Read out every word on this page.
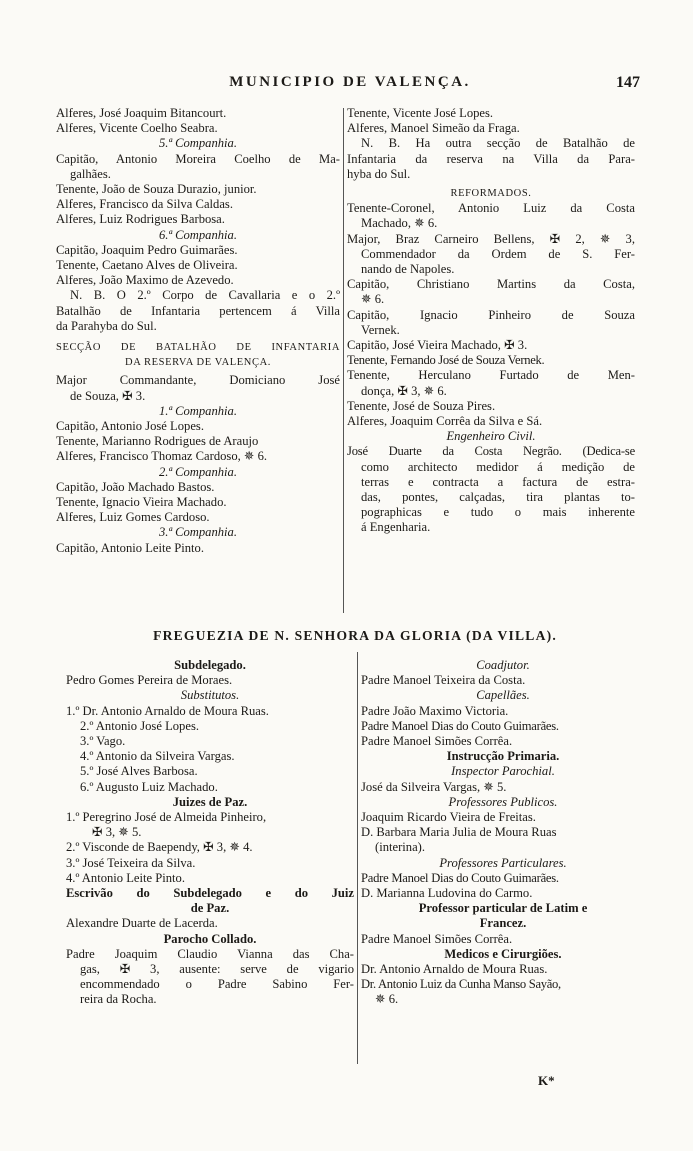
MUNICIPIO DE VALENÇA.	147
Alferes, José Joaquim Bitancourt.
Alferes, Vicente Coelho Seabra.
5.ª Companhia.
Capitão, Antonio Moreira Coelho de Ma-
galhães.
Tenente, João de Souza Durazio, junior.
Alferes, Francisco da Silva Caldas.
Alferes, Luiz Rodrigues Barbosa.
6.ª Companhia.
Capitão, Joaquim Pedro Guimarães.
Tenente, Caetano Alves de Oliveira.
Alferes, João Maximo de Azevedo.
N. B. O 2.º Corpo de Cavallaria e o 2.º
Batalhão de Infantaria pertencem á Villa
da Parahyba do Sul.
SECÇÃO DE BATALHÃO DE INFANTARIA
DA RESERVA DE VALENÇA.
Major Commandante, Domiciano José
de Souza, ✠ 3.
1.ª Companhia.
Capitão, Antonio José Lopes.
Tenente, Marianno Rodrigues de Araujo
Alferes, Francisco Thomaz Cardoso, ✵ 6.
2.ª Companhia.
Capitão, João Machado Bastos.
Tenente, Ignacio Vieira Machado.
Alferes, Luiz Gomes Cardoso.
3.ª Companhia.
Capitão, Antonio Leite Pinto.
Tenente, Vicente José Lopes.
Alferes, Manoel Simeão da Fraga.
N. B. Ha outra secção de Batalhão de
Infantaria da reserva na Villa da Para-
hyba do Sul.
REFORMADOS.
Tenente-Coronel, Antonio Luiz da Costa
Machado, ✵ 6.
Major, Braz Carneiro Bellens, ✠ 2, ✵ 3,
Commendador da Ordem de S. Fer-
nando de Napoles.
Capitão, Christiano Martins da Costa,
✵ 6.
Capitão, Ignacio Pinheiro de Souza
Vernek.
Capitão, José Vieira Machado, ✠ 3.
Tenente, Fernando José de Souza Vernek.
Tenente, Herculano Furtado de Men-
donça, ✠ 3, ✵ 6.
Tenente, José de Souza Pires.
Alferes, Joaquim Corrêa da Silva e Sá.
Engenheiro Civil.
José Duarte da Costa Negrão. (Dedica-se
como architecto medidor á medição de
terras e contracta a factura de estra-
das, pontes, calçadas, tira plantas to-
pographicas e tudo o mais inherente
á Engenharia.
FREGUEZIA DE N. SENHORA DA GLORIA (DA VILLA).
Subdelegado.
Pedro Gomes Pereira de Moraes.
Substitutos.
1.º Dr. Antonio Arnaldo de Moura Ruas.
2.º Antonio José Lopes.
3.º Vago.
4.º Antonio da Silveira Vargas.
5.º José Alves Barbosa.
6.º Augusto Luiz Machado.
Juizes de Paz.
1.º Peregrino José de Almeida Pinheiro,
✠ 3, ✵ 5.
2.º Visconde de Baependy, ✠ 3, ✵ 4.
3.º José Teixeira da Silva.
4.º Antonio Leite Pinto.
Escrivão do Subdelegado e do Juiz
de Paz.
Alexandre Duarte de Lacerda.
Parocho Collado.
Padre Joaquim Claudio Vianna das Cha-
gas, ✠ 3, ausente: serve de vigario
encommendado o Padre Sabino Fer-
reira da Rocha.
Coadjutor.
Padre Manoel Teixeira da Costa.
Capellães.
Padre João Maximo Victoria.
Padre Manoel Dias do Couto Guimarães.
Padre Manoel Simões Corrêa.
Instrucção Primaria.
Inspector Parochial.
José da Silveira Vargas, ✵ 5.
Professores Publicos.
Joaquim Ricardo Vieira de Freitas.
D. Barbara Maria Julia de Moura Ruas
(interina).
Professores Particulares.
Padre Manoel Dias do Couto Guimarães.
D. Marianna Ludovina do Carmo.
Professor particular de Latim e
Francez.
Padre Manoel Simões Corrêa.
Medicos e Cirurgiões.
Dr. Antonio Arnaldo de Moura Ruas.
Dr. Antonio Luiz da Cunha Manso Sayão,
✵ 6.
K*
